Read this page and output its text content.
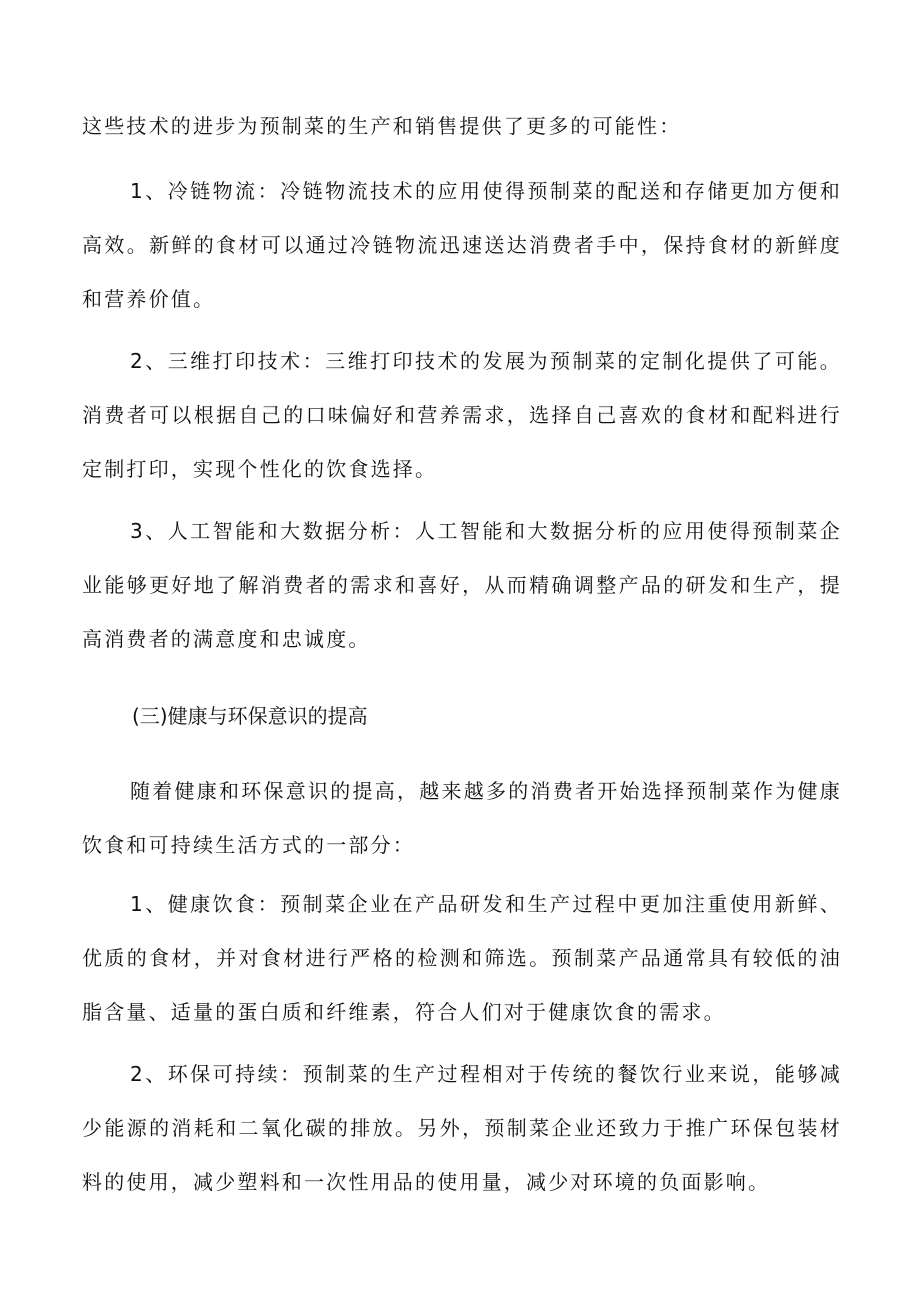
这些技术的进步为预制菜的生产和销售提供了更多的可能性：

1、冷链物流：冷链物流技术的应用使得预制菜的配送和存储更加方便和高效。新鲜的食材可以通过冷链物流迅速送达消费者手中，保持食材的新鲜度和营养价值。

2、三维打印技术：三维打印技术的发展为预制菜的定制化提供了可能。消费者可以根据自己的口味偏好和营养需求，选择自己喜欢的食材和配料进行定制打印，实现个性化的饮食选择。

3、人工智能和大数据分析：人工智能和大数据分析的应用使得预制菜企业能够更好地了解消费者的需求和喜好，从而精确调整产品的研发和生产，提高消费者的满意度和忠诚度。

(三)健康与环保意识的提高

随着健康和环保意识的提高，越来越多的消费者开始选择预制菜作为健康饮食和可持续生活方式的一部分：

1、健康饮食：预制菜企业在产品研发和生产过程中更加注重使用新鲜、优质的食材，并对食材进行严格的检测和筛选。预制菜产品通常具有较低的油脂含量、适量的蛋白质和纤维素，符合人们对于健康饮食的需求。

2、环保可持续：预制菜的生产过程相对于传统的餐饮行业来说，能够减少能源的消耗和二氧化碳的排放。另外，预制菜企业还致力于推广环保包装材料的使用，减少塑料和一次性用品的使用量，减少对环境的负面影响。
